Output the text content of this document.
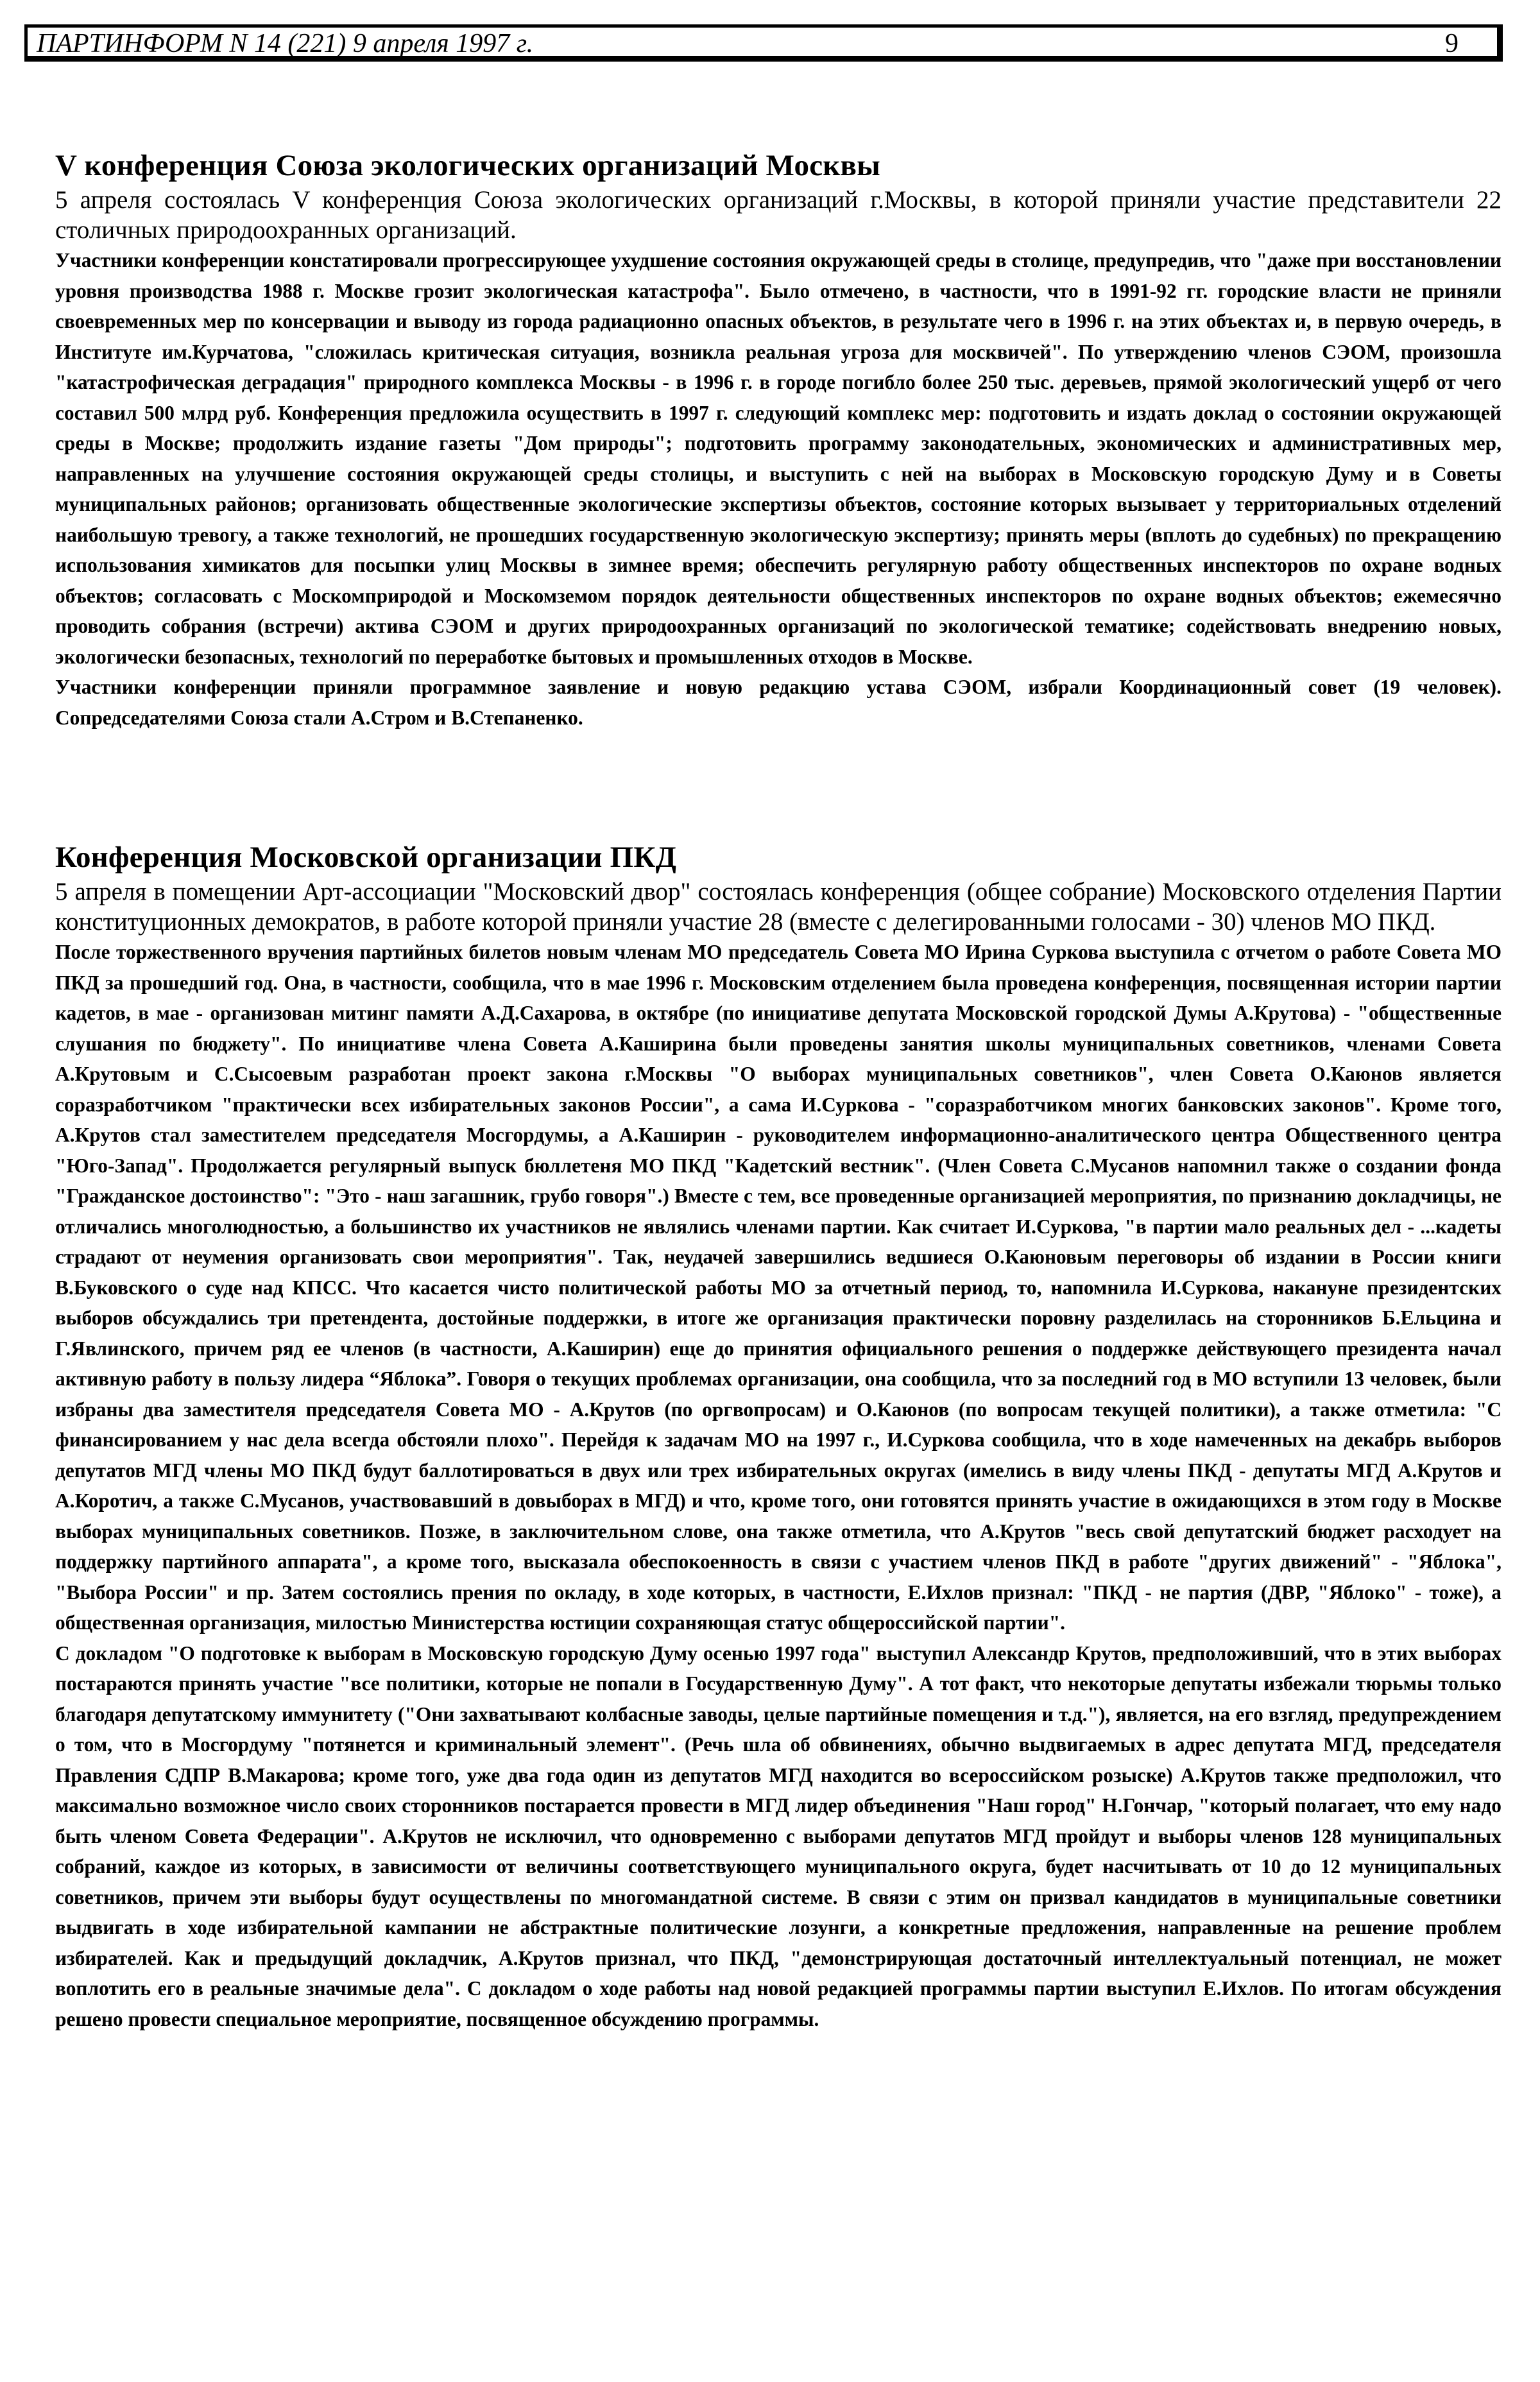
ПАРТИНФОРМ N 14 (221) 9 апреля 1997 г.	9
V конференция Союза экологических организаций Москвы

5 апреля состоялась V конференция Союза экологических организаций г.Москвы, в которой приняли участие представители 22 столичных природоохранных организаций.

Участники конференции констатировали прогрессирующее ухудшение состояния окружающей среды в столице, предупредив, что "даже при восстановлении уровня производства 1988 г. Москве грозит экологическая катастрофа". Было отмечено, в частности, что в 1991-92 гг. городские власти не приняли своевременных мер по консервации и выводу из города радиационно опасных объектов, в результате чего в 1996 г. на этих объектах и, в первую очередь, в Институте им.Курчатова, "сложилась критическая ситуация, возникла реальная угроза для москвичей". По утверждению членов СЭОМ, произошла "катастрофическая деградация" природного комплекса Москвы - в 1996 г. в городе погибло более 250 тыс. деревьев, прямой экологический ущерб от чего составил 500 млрд руб. Конференция предложила осуществить в 1997 г. следующий комплекс мер: подготовить и издать доклад о состоянии окружающей среды в Москве; продолжить издание газеты "Дом природы"; подготовить программу законодательных, экономических и административных мер, направленных на улучшение состояния окружающей среды столицы, и выступить с ней на выборах в Московскую городскую Думу и в Советы муниципальных районов; организовать общественные экологические экспертизы объектов, состояние которых вызывает у территориальных отделений наибольшую тревогу, а также технологий, не прошедших государственную экологическую экспертизу; принять меры (вплоть до судебных) по прекращению использования химикатов для посыпки улиц Москвы в зимнее время; обеспечить регулярную работу общественных инспекторов по охране водных объектов; согласовать с Москомприродой и Москомземом порядок деятельности общественных инспекторов по охране водных объектов; ежемесячно проводить собрания (встречи) актива СЭОМ и других природоохранных организаций по экологической тематике; содействовать внедрению новых, экологически безопасных, технологий по переработке бытовых и промышленных отходов в Москве.

Участники конференции приняли программное заявление и новую редакцию устава СЭОМ, избрали Координационный совет (19 человек). Сопредседателями Союза стали А.Стром и В.Степаненко.

Конференция Московской организации ПКД

5 апреля в помещении Арт-ассоциации "Московский двор" состоялась конференция (общее собрание) Московского отделения Партии конституционных демократов, в работе которой приняли участие 28 (вместе с делегированными голосами - 30) членов МО ПКД.

После торжественного вручения партийных билетов новым членам МО председатель Совета МО Ирина Суркова выступила с отчетом о работе Совета МО ПКД за прошедший год. Она, в частности, сообщила, что в мае 1996 г. Московским отделением была проведена конференция, посвященная истории партии кадетов, в мае - организован митинг памяти А.Д.Сахарова, в октябре (по инициативе депутата Московской городской Думы А.Крутова) - "общественные слушания по бюджету". По инициативе члена Совета А.Каширина были проведены занятия школы муниципальных советников, членами Совета А.Крутовым и С.Сысоевым разработан проект закона г.Москвы "О выборах муниципальных советников", член Совета О.Каюнов является соразработчиком "практически всех избирательных законов России", а сама И.Суркова - "соразработчиком многих банковских законов". Кроме того, А.Крутов стал заместителем председателя Мосгордумы, а А.Каширин - руководителем информационно-аналитического центра Общественного центра "Юго-Запад". Продолжается регулярный выпуск бюллетеня МО ПКД "Кадетский вестник". (Член Совета С.Мусанов напомнил также о создании фонда "Гражданское достоинство": "Это - наш загашник, грубо говоря".) Вместе с тем, все проведенные организацией мероприятия, по признанию докладчицы, не отличались многолюдностью, а большинство их участников не являлись членами партии. Как считает И.Суркова, "в партии мало реальных дел - ...кадеты страдают от неумения организовать свои мероприятия". Так, неудачей завершились ведшиеся О.Каюновым переговоры об издании в России книги В.Буковского о суде над КПСС. Что касается чисто политической работы МО за отчетный период, то, напомнила И.Суркова, накануне президентских выборов обсуждались три претендента, достойные поддержки, в итоге же организация практически поровну разделилась на сторонников Б.Ельцина и Г.Явлинского, причем ряд ее членов (в частности, А.Каширин) еще до принятия официального решения о поддержке действующего президента начал активную работу в пользу лидера “Яблока”. Говоря о текущих проблемах организации, она сообщила, что за последний год в МО вступили 13 человек, были избраны два заместителя председателя Совета МО - А.Крутов (по оргвопросам) и О.Каюнов (по вопросам текущей политики), а также отметила: "С финансированием у нас дела всегда обстояли плохо". Перейдя к задачам МО на 1997 г., И.Суркова сообщила, что в ходе намеченных на декабрь выборов депутатов МГД члены МО ПКД будут баллотироваться в двух или трех избирательных округах (имелись в виду члены ПКД - депутаты МГД А.Крутов и А.Коротич, а также С.Мусанов, участвовавший в довыборах в МГД) и что, кроме того, они готовятся принять участие в ожидающихся в этом году в Москве выборах муниципальных советников. Позже, в заключительном слове, она также отметила, что А.Крутов "весь свой депутатский бюджет расходует на поддержку партийного аппарата", а кроме того, высказала обеспокоенность в связи с участием членов ПКД в работе "других движений" - "Яблока", "Выбора России" и пр. Затем состоялись прения по окладу, в ходе которых, в частности, Е.Ихлов признал: "ПКД - не партия (ДВР, "Яблоко" - тоже), а общественная организация, милостью Министерства юстиции сохраняющая статус общероссийской партии".

С докладом "О подготовке к выборам в Московскую городскую Думу осенью 1997 года" выступил Александр Крутов, предположивший, что в этих выборах постараются принять участие "все политики, которые не попали в Государственную Думу". А тот факт, что некоторые депутаты избежали тюрьмы только благодаря депутатскому иммунитету ("Они захватывают колбасные заводы, целые партийные помещения и т.д."), является, на его взгляд, предупреждением о том, что в Мосгордуму "потянется и криминальный элемент". (Речь шла об обвинениях, обычно выдвигаемых в адрес депутата МГД, председателя Правления СДПР В.Макарова; кроме того, уже два года один из депутатов МГД находится во всероссийском розыске) А.Крутов также предположил, что максимально возможное число своих сторонников постарается провести в МГД лидер объединения "Наш город" Н.Гончар, "который полагает, что ему надо быть членом Совета Федерации". А.Крутов не исключил, что одновременно с выборами депутатов МГД пройдут и выборы членов 128 муниципальных собраний, каждое из которых, в зависимости от величины соответствующего муниципального округа, будет насчитывать от 10 до 12 муниципальных советников, причем эти выборы будут осуществлены по многомандатной системе. В связи с этим он призвал кандидатов в муниципальные советники выдвигать в ходе избирательной кампании не абстрактные политические лозунги, а конкретные предложения, направленные на решение проблем избирателей. Как и предыдущий докладчик, А.Крутов признал, что ПКД, "демонстрирующая достаточный интеллектуальный потенциал, не может воплотить его в реальные значимые дела". С докладом о ходе работы над новой редакцией программы партии выступил Е.Ихлов. По итогам обсуждения решено провести специальное мероприятие, посвященное обсуждению программы.
